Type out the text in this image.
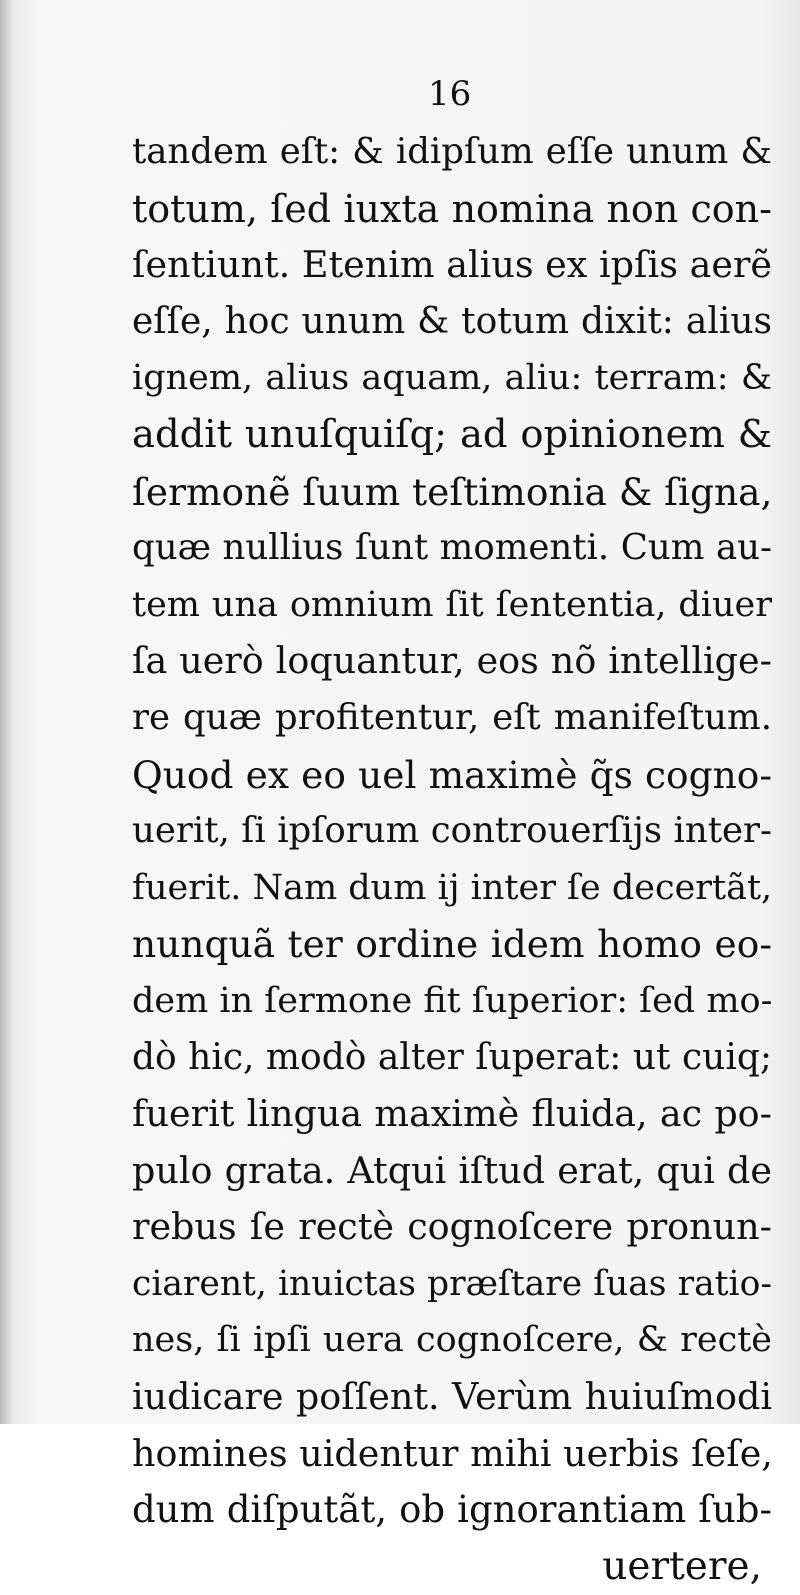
16
tandem eſt: & idipſum eſſe unum &
totum, ſed iuxta nomina non con-
ſentiunt. Etenim alius ex ipſis aerẽ
eſſe, hoc unum & totum dixit: alius
ignem, alius aquam, aliu: terram: &
addit unuſquiſq; ad opinionem &
ſermonẽ ſuum teſtimonia & ſigna,
quæ nullius ſunt momenti. Cum au-
tem una omnium ſit ſententia, diuer
ſa uerò loquantur, eos nõ intellige-
re quæ profitentur, eſt manifeſtum.
Quod ex eo uel maximè q̃s cogno-
uerit, ſi ipſorum controuerſijs inter-
fuerit. Nam dum ij inter ſe decertãt,
nunquã ter ordine idem homo eo-
dem in ſermone fit ſuperior: ſed mo-
dò hic, modò alter ſuperat: ut cuiq;
fuerit lingua maximè fluida, ac po-
pulo grata. Atqui iſtud erat, qui de
rebus ſe rectè cognoſcere pronun-
ciarent, inuictas præſtare ſuas ratio-
nes, ſi ipſi uera cognoſcere, & rectè
iudicare poſſent. Verùm huiuſmodi
homines uidentur mihi uerbis ſeſe,
dum diſputãt, ob ignorantiam ſub-
uertere,
